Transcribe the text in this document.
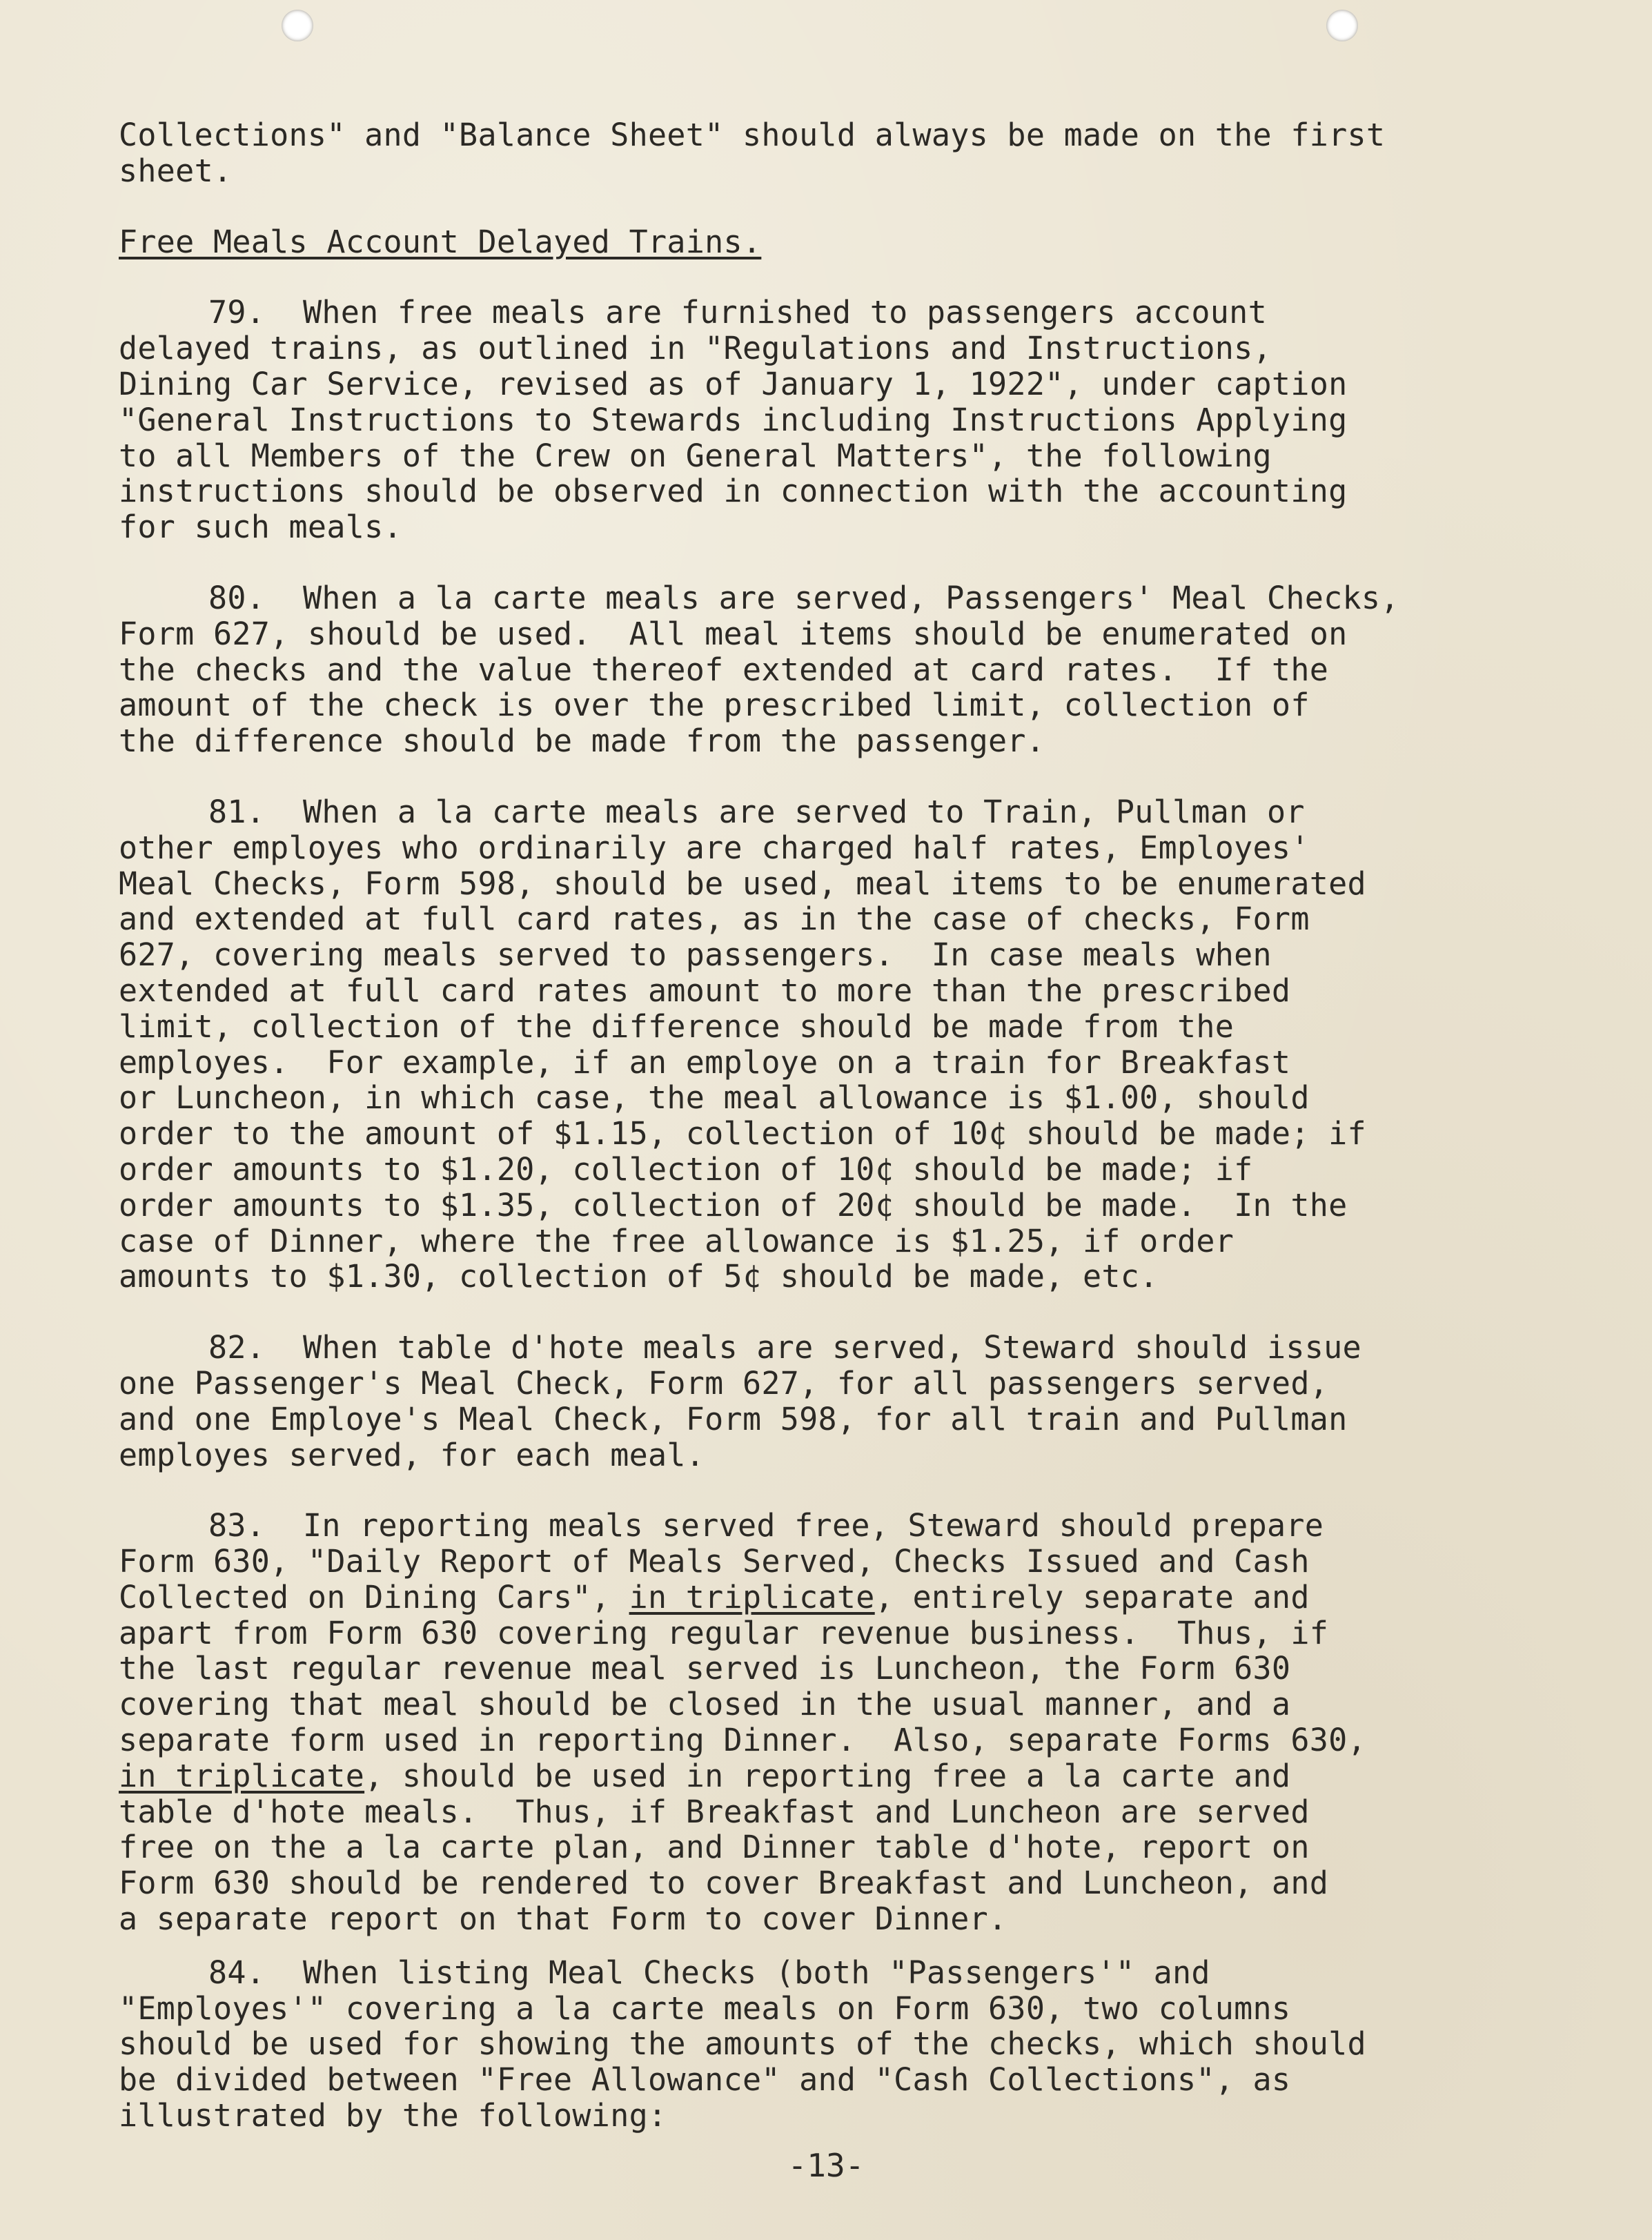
Collections" and "Balance Sheet" should always be made on the first
sheet.

Free Meals Account Delayed Trains.

79.  When free meals are furnished to passengers account
delayed trains, as outlined in "Regulations and Instructions,
Dining Car Service, revised as of January 1, 1922", under caption
"General Instructions to Stewards including Instructions Applying
to all Members of the Crew on General Matters", the following
instructions should be observed in connection with the accounting
for such meals.

80.  When a la carte meals are served, Passengers' Meal Checks,
Form 627, should be used.  All meal items should be enumerated on
the checks and the value thereof extended at card rates.  If the
amount of the check is over the prescribed limit, collection of
the difference should be made from the passenger.

81.  When a la carte meals are served to Train, Pullman or
other employes who ordinarily are charged half rates, Employes'
Meal Checks, Form 598, should be used, meal items to be enumerated
and extended at full card rates, as in the case of checks, Form
627, covering meals served to passengers.  In case meals when
extended at full card rates amount to more than the prescribed
limit, collection of the difference should be made from the
employes.  For example, if an employe on a train for Breakfast
or Luncheon, in which case, the meal allowance is $1.00, should
order to the amount of $1.15, collection of 10¢ should be made; if
order amounts to $1.20, collection of 10¢ should be made; if
order amounts to $1.35, collection of 20¢ should be made.  In the
case of Dinner, where the free allowance is $1.25, if order
amounts to $1.30, collection of 5¢ should be made, etc.

82.  When table d'hote meals are served, Steward should issue
one Passenger's Meal Check, Form 627, for all passengers served,
and one Employe's Meal Check, Form 598, for all train and Pullman
employes served, for each meal.

83.  In reporting meals served free, Steward should prepare
Form 630, "Daily Report of Meals Served, Checks Issued and Cash
Collected on Dining Cars", in triplicate, entirely separate and
apart from Form 630 covering regular revenue business.  Thus, if
the last regular revenue meal served is Luncheon, the Form 630
covering that meal should be closed in the usual manner, and a
separate form used in reporting Dinner.  Also, separate Forms 630,
in triplicate, should be used in reporting free a la carte and
table d'hote meals.  Thus, if Breakfast and Luncheon are served
free on the a la carte plan, and Dinner table d'hote, report on
Form 630 should be rendered to cover Breakfast and Luncheon, and
a separate report on that Form to cover Dinner.

84.  When listing Meal Checks (both "Passengers'" and
"Employes'" covering a la carte meals on Form 630, two columns
should be used for showing the amounts of the checks, which should
be divided between "Free Allowance" and "Cash Collections", as
illustrated by the following:

-13-
